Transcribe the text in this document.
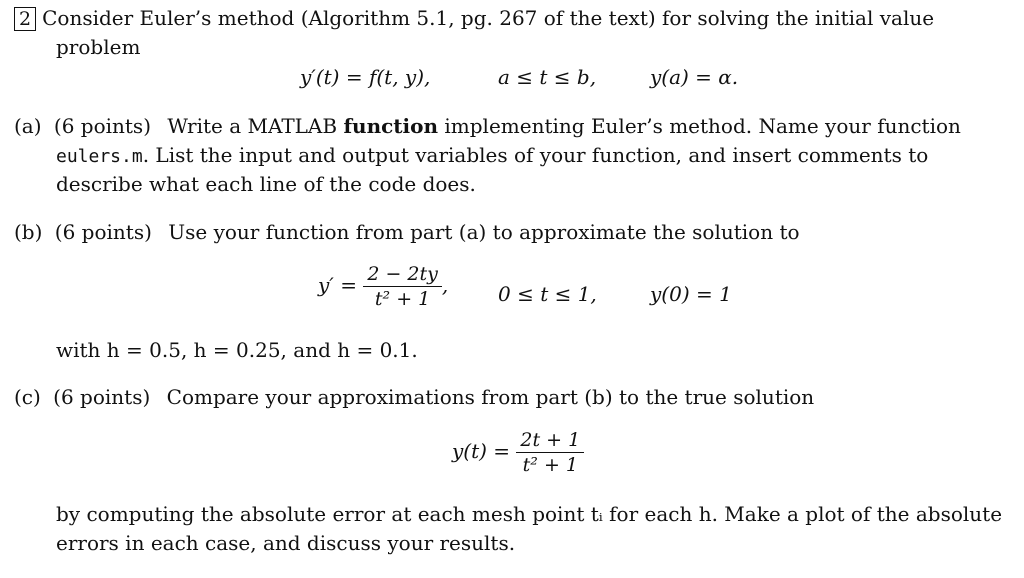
2 Consider Euler’s method (Algorithm 5.1, pg. 267 of the text) for solving the initial value
problem
y′(t) = f(t, y),	a ≤ t ≤ b,	y(a) = α.
(a) (6 points) Write a MATLAB function implementing Euler’s method. Name your function
eulers.m. List the input and output variables of your function, and insert comments to
describe what each line of the code does.
(b) (6 points) Use your function from part (a) to approximate the solution to
$y' = \frac{2 - 2ty}{\text{t² + 1}}$ , 0 ≤ t ≤ 1,	y(0) = 1
with h = 0.5, h = 0.25, and h = 0.1.
(c) (6 points) Compare your approximations from part (b) to the true solution
$y(t) = \frac{2t + 1}{\text{t² + 1}}$
by computing the absolute error at each mesh point tᵢ for each h. Make a plot of the absolute
errors in each case, and discuss your results.
